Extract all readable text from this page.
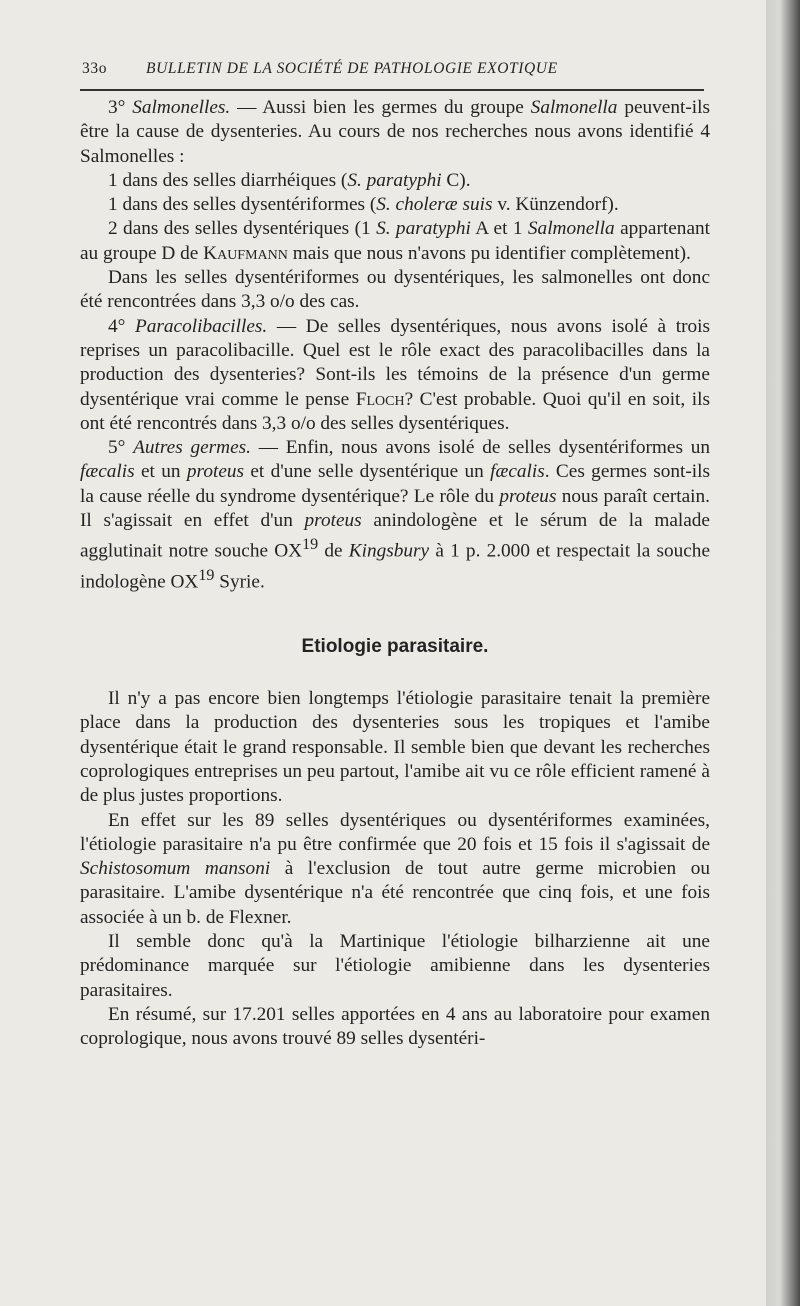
33o	BULLETIN DE LA SOCIÉTÉ DE PATHOLOGIE EXOTIQUE

3° Salmonelles. — Aussi bien les germes du groupe Salmonella peuvent-ils être la cause de dysenteries. Au cours de nos recherches nous avons identifié 4 Salmonelles :

1 dans des selles diarrhéiques (S. paratyphi C).

1 dans des selles dysentériformes (S. choleræ suis v. Künzendorf).

2 dans des selles dysentériques (1 S. paratyphi A et 1 Salmonella appartenant au groupe D de Kaufmann mais que nous n'avons pu identifier complètement).

Dans les selles dysentériformes ou dysentériques, les salmonelles ont donc été rencontrées dans 3,3 o/o des cas.

4° Paracolibacilles. — De selles dysentériques, nous avons isolé à trois reprises un paracolibacille. Quel est le rôle exact des paracolibacilles dans la production des dysenteries? Sont-ils les témoins de la présence d'un germe dysentérique vrai comme le pense Floch? C'est probable. Quoi qu'il en soit, ils ont été rencontrés dans 3,3 o/o des selles dysentériques.

5° Autres germes. — Enfin, nous avons isolé de selles dysentériformes un fæcalis et un proteus et d'une selle dysentérique un fæcalis. Ces germes sont-ils la cause réelle du syndrome dysentérique? Le rôle du proteus nous paraît certain. Il s'agissait en effet d'un proteus anindologène et le sérum de la malade agglutinait notre souche OX$^{19}$ de Kingsbury à 1 p. 2.000 et respectait la souche indologène OX$^{19}$ Syrie.

Etiologie parasitaire.

Il n'y a pas encore bien longtemps l'étiologie parasitaire tenait la première place dans la production des dysenteries sous les tropiques et l'amibe dysentérique était le grand responsable. Il semble bien que devant les recherches coprologiques entreprises un peu partout, l'amibe ait vu ce rôle efficient ramené à de plus justes proportions.

En effet sur les 89 selles dysentériques ou dysentériformes examinées, l'étiologie parasitaire n'a pu être confirmée que 20 fois et 15 fois il s'agissait de Schistosomum mansoni à l'exclusion de tout autre germe microbien ou parasitaire. L'amibe dysentérique n'a été rencontrée que cinq fois, et une fois associée à un b. de Flexner.

Il semble donc qu'à la Martinique l'étiologie bilharzienne ait une prédominance marquée sur l'étiologie amibienne dans les dysenteries parasitaires.

En résumé, sur 17.201 selles apportées en 4 ans au laboratoire pour examen coprologique, nous avons trouvé 89 selles dysentéri-
